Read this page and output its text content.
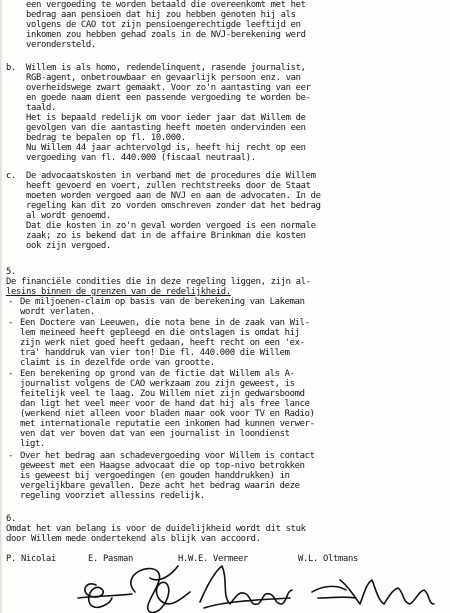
een vergoeding te worden betaald die overeenkomt met het
bedrag aan pensioen dat hij zou hebben genoten hij als
volgens de CAO tot zijn pensioengerechtigde leeftijd en
inkomen zou hebben gehad zoals in de NVJ-berekening werd
verondersteld.
b. Willem is als homo, redendelinquent, rasende journalist,
RGB-agent, onbetrouwbaar en gevaarlijk persoon enz. van
overheidswege zwart gemaakt. Voor zo'n aantasting van eer
en goede naam dient een passende vergoeding te worden be-
taald.
Het is bepaald redelijk om voor ieder jaar dat Willem de
gevolgen van die aantasting heeft moeten ondervinden een
bedrag te bepalen op fl. 10.000.
Nu Willem 44 jaar achtervolgd is, heeft hij recht op een
vergoeding van fl. 440.000 (fiscaal neutraal).
c. De advocaatskosten in verband met de procedures die Willem
heeft gevoerd en voert, zullen rechtstreeks door de Staat
moeten worden vergoed aan de NVJ en aan de advocaten. In de
regeling kan dit zo vorden omschreven zonder dat het bedrag
al wordt genoemd.
Dat die kosten in zo'n geval worden vergoed is een normale
zaak; zo is bekend dat in de affaire Brinkman die kosten
ook zijn vergoed.
5.
De financiële condities die in deze regeling liggen, zijn al-
lesins binnen de grenzen van de redelijkheid.
- De miljoenen-claim op basis van de berekening van Lakeman
wordt verlaten.
- Een Doctere van Leeuwen, die nota bene in de zaak van Wil-
lem meineed heeft gepleegd en die ontslagen is omdat hij
zijn werk niet goed heeft gedaan, heeft recht on een 'ex-
tra' handdruk van vier ton! Die fl. 440.000 die Willem
claimt is in dezelfde orde van grootte.
- Een berekening op grond van de fictie dat Willem als A-
journalist volgens de CAO werkzaam zou zijn geweest, is
feitelijk veel te laag. Zou Willem niet zijn gedwarsboomd
dan ligt het veel meer voor de hand dat hij als free lance
(werkend niet alleen voor bladen maar ook voor TV en Radio)
met internationale reputatie een inkomen had kunnen verwer-
ven dat ver boven dat van een journalist in loondienst
ligt.
- Over het bedrag aan schadevergoeding voor Willem is contact
geweest met een Haagse advocaat die op top-nivo betrokken
is geweest bij vergoedingen (en gouden handdrukken) in
vergelijkbare gevallen. Deze acht het bedrag waarin deze
regeling voorziet allessins redelijk.
6.
Omdat het van belang is voor de duidelijkheid wordt dit stuk
door Willem mede ondertekend als blijk van accoord.
P. Nicolai	E. Pasman	H.W.E. Vermeer	W.L. Oltmans
